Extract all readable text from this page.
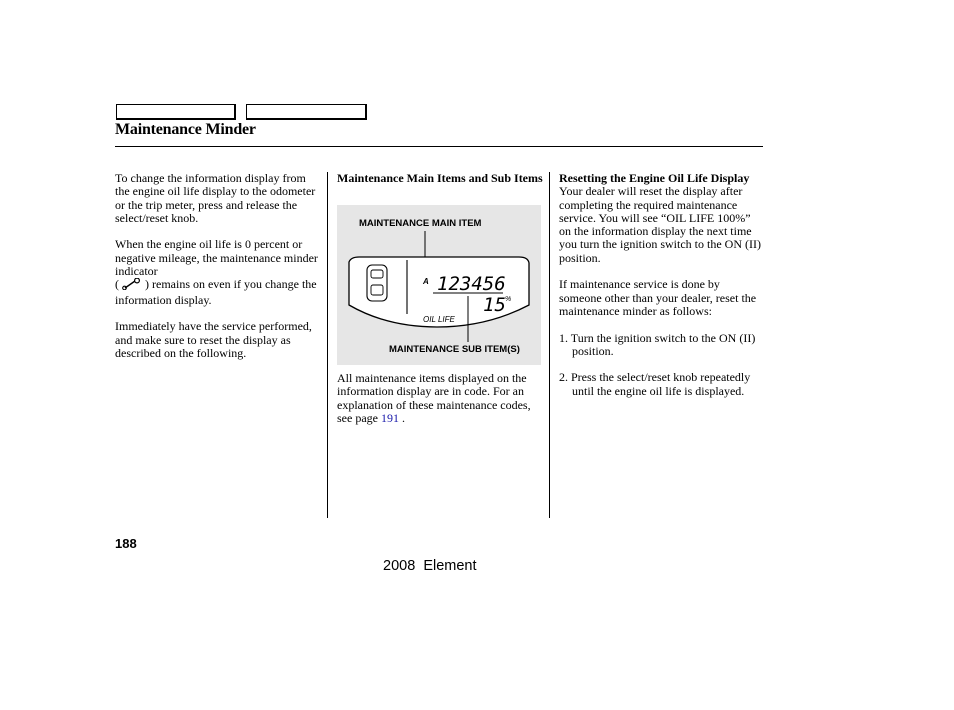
Maintenance Minder

To change the information display from the engine oil life display to the odometer or the trip meter, press and release the select/reset knob.

When the engine oil life is 0 percent or negative mileage, the maintenance minder indicator
( ) remains on even if you change the information display.

Immediately have the service performed, and make sure to reset the display as described on the following.

Maintenance Main Items and Sub Items
MAINTENANCE MAIN ITEM
A 123456
15 %
OIL LIFE
MAINTENANCE SUB ITEM(S)

All maintenance items displayed on the information display are in code. For an explanation of these maintenance codes, see page 191 .

Resetting the Engine Oil Life Display

Your dealer will reset the display after completing the required maintenance service. You will see “OIL LIFE 100%” on the information display the next time you turn the ignition switch to the ON (II) position.

If maintenance service is done by someone other than your dealer, reset the maintenance minder as follows:

1. Turn the ignition switch to the ON (II) position.

2. Press the select/reset knob repeatedly until the engine oil life is displayed.

188
2008  Element
